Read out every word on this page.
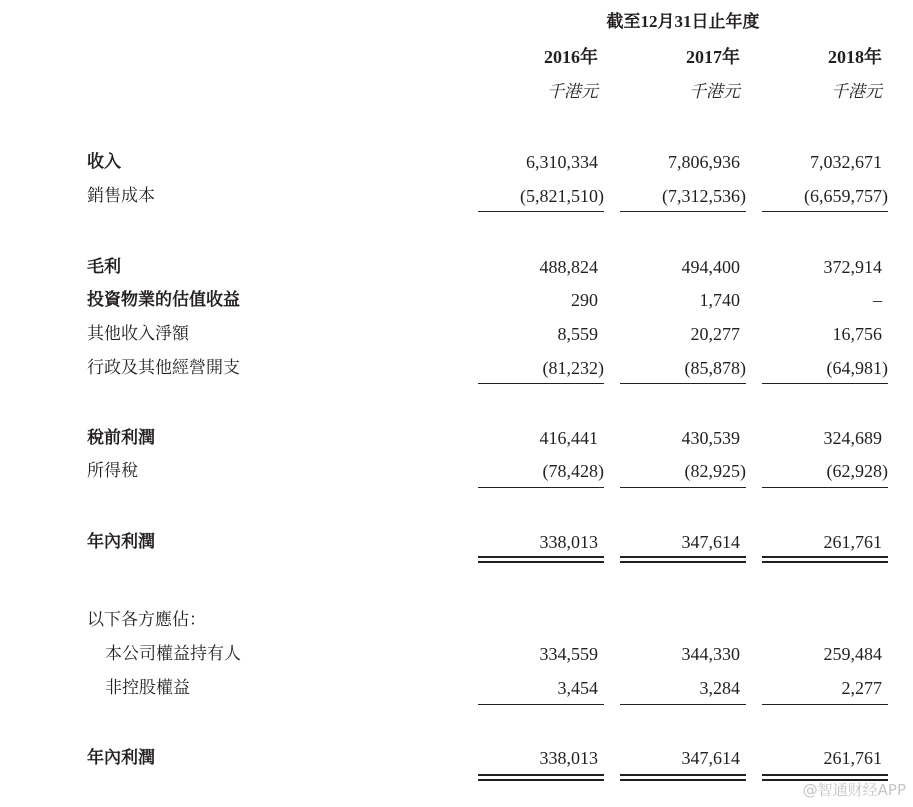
截至12月31日止年度
2016年	2017年	2018年
千港元	千港元	千港元
收入	6,310,334	7,806,936	7,032,671
銷售成本	(5,821,510)	(7,312,536)	(6,659,757)
毛利	488,824	494,400	372,914
投資物業的估值收益	290	1,740	–
其他收入淨額	8,559	20,277	16,756
行政及其他經營開支	(81,232)	(85,878)	(64,981)
稅前利潤	416,441	430,539	324,689
所得稅	(78,428)	(82,925)	(62,928)
年內利潤	338,013	347,614	261,761
以下各方應佔：
本公司權益持有人	334,559	344,330	259,484
非控股權益	3,454	3,284	2,277
年內利潤	338,013	347,614	261,761
@智通财经APP
